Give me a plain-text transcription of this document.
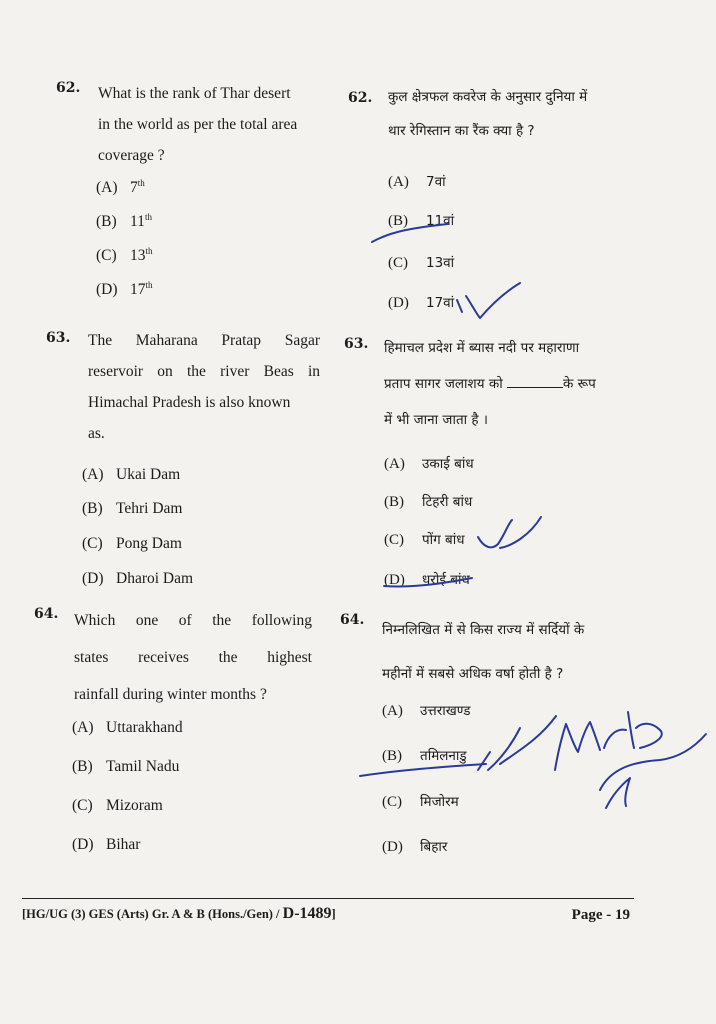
62. What is the rank of Thar desert
in the world as per the total area
coverage ?
(A) 7th
(B) 11th
(C) 13th
(D) 17th
63. The Maharana Pratap Sagar
reservoir on the river Beas in
Himachal Pradesh is also known
as.
(A) Ukai Dam
(B) Tehri Dam
(C) Pong Dam
(D) Dharoi Dam
64. Which one of the following
states receives the highest
rainfall during winter months ?
(A) Uttarakhand
(B) Tamil Nadu
(C) Mizoram
(D) Bihar
62. कुल क्षेत्रफल कवरेज के अनुसार दुनिया में
थार रेगिस्तान का रैंक क्या है ?
(A) 7वां
(B) 11वां
(C) 13वां
(D) 17वां
63. हिमाचल प्रदेश में ब्यास नदी पर महाराणा
प्रताप सागर जलाशय को	के रूप
में भी जाना जाता है ।
(A) उकाई बांध
(B) टिहरी बांध
(C) पोंग बांध
(D) धरोई बांध
64.
निम्नलिखित में से किस राज्य में सर्दियों के
महीनों में सबसे अधिक वर्षा होती है ?
(A) उत्तराखण्ड
(B) तमिलनाडु
(C) मिजोरम
(D) बिहार
[HG/UG (3) GES (Arts) Gr. A & B (Hons./Gen) / D-1489]	Page - 19
